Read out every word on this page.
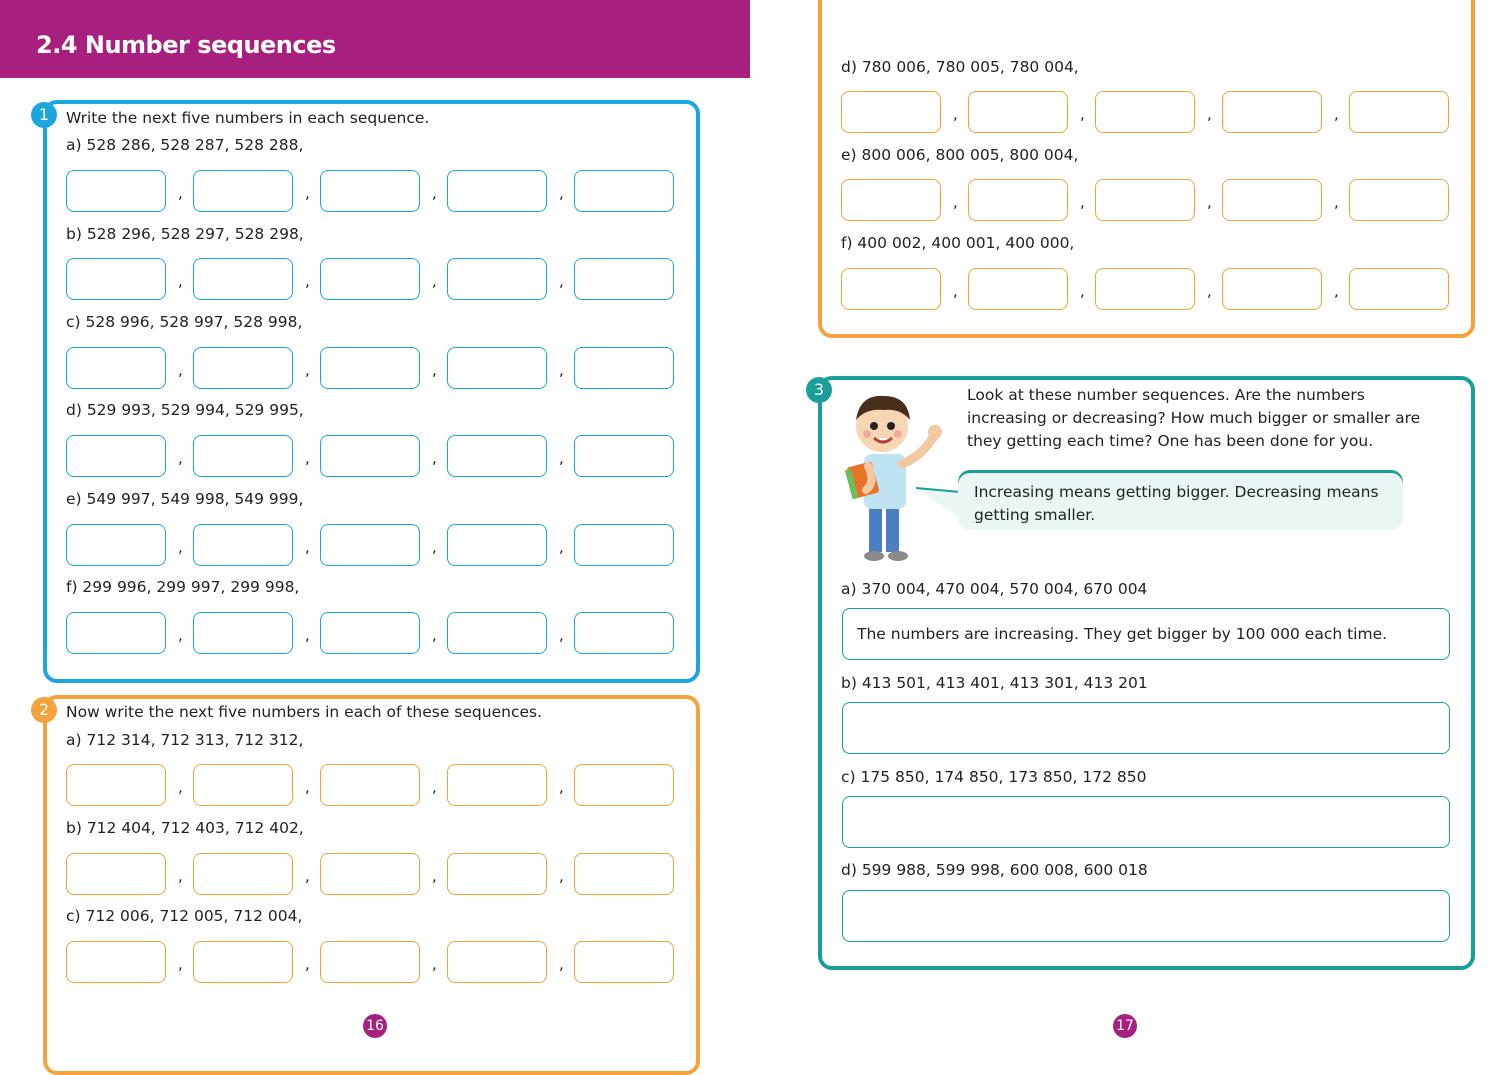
2.4 Number sequences
1	Write the next five numbers in each sequence.
a) 528 286, 528 287, 528 288,
b) 528 296, 528 297, 528 298,
c) 528 996, 528 997, 528 998,
d) 529 993, 529 994, 529 995,
e) 549 997, 549 998, 549 999,
f) 299 996, 299 997, 299 998,
2	Now write the next five numbers in each of these sequences.
a) 712 314, 712 313, 712 312,
b) 712 404, 712 403, 712 402,
c) 712 006, 712 005, 712 004,
d) 780 006, 780 005, 780 004,
e) 800 006, 800 005, 800 004,
f) 400 002, 400 001, 400 000,
,	,	,	,
,	,	,	,
,	,	,	,
,	,	,	,
,	,	,	,
,	,	,	,
,	,	,	,
,	,	,	,
,	,	,	,
,	,	,	,
,	,	,	,
,	,	,	,
3	Look at these number sequences. Are the numbers increasing or decreasing? How much bigger or smaller are they getting each time? One has been done for you.
Increasing means getting bigger. Decreasing means getting smaller.
a) 370 004, 470 004, 570 004, 670 004
The numbers are increasing. They get bigger by 100 000 each time.
b) 413 501, 413 401, 413 301, 413 201
c) 175 850, 174 850, 173 850, 172 850
d) 599 988, 599 998, 600 008, 600 018
16	17
